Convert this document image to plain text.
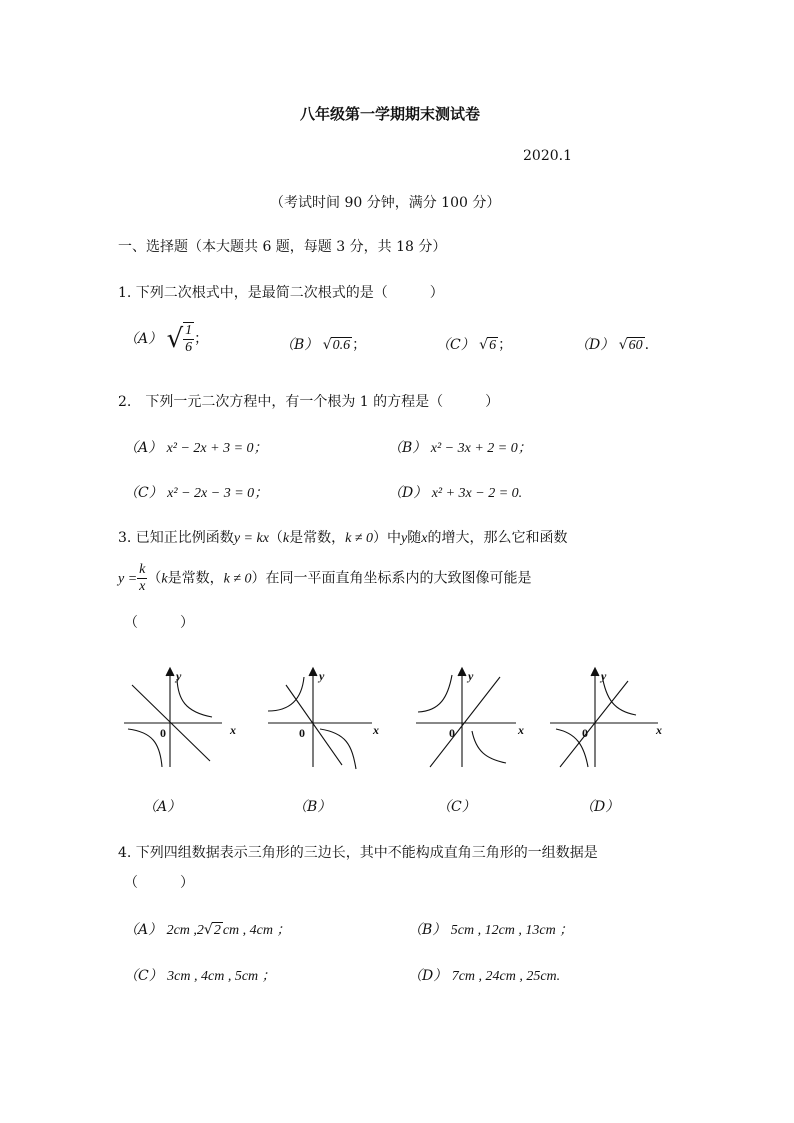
八年级第一学期期末测试卷
2020.1
（考试时间 90 分钟，满分 100 分）
一、选择题（本大题共 6 题，每题 3 分，共 18 分）
1. 下列二次根式中，是最简二次根式的是（　　　）
（A） √ $\frac{1}{6}$ ；	（B） √0.6 ；	（C） √6 ；	（D） √60 .
2.　下列一元二次方程中，有一个根为 1 的方程是（　　　）
（A） x² − 2x + 3 = 0；	（B） x² − 3x + 2 = 0；
（C） x² − 2x − 3 = 0；	（D） x² + 3x − 2 = 0.
3. 已知正比例函数y = kx（k是常数，k ≠ 0）中y随x的增大，那么它和函数
$y = \frac{k}{x} (k$是常数，k ≠ 0）在同一平面直角坐标系内的大致图像可能是
（　　　）
y
x
0
y
x
0
y
x
0
y
x
0
（A）	（B）	（C）	（D）
4. 下列四组数据表示三角形的三边长，其中不能构成直角三角形的一组数据是
（　　　）
（A） 2cm ,2√2 cm , 4cm ；	（B） 5cm , 12cm , 13cm ；
（C） 3cm , 4cm , 5cm ；	（D） 7cm , 24cm , 25cm.
